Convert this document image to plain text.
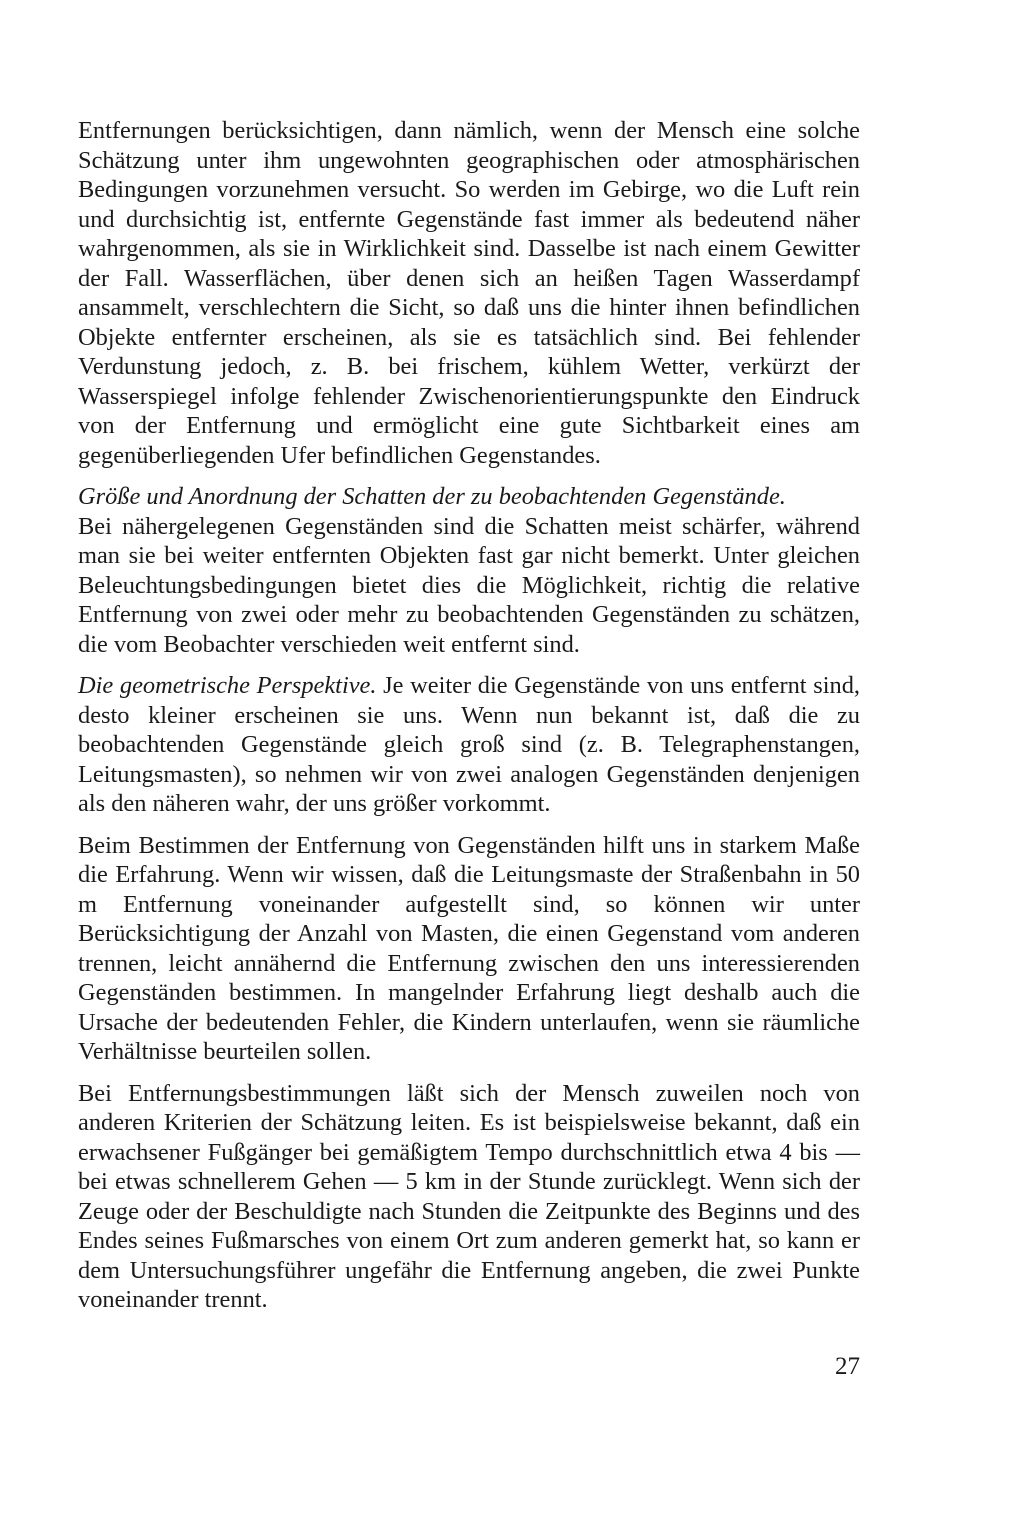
Entfernungen berücksichtigen, dann nämlich, wenn der Mensch eine solche Schätzung unter ihm ungewohnten geographischen oder atmosphärischen Bedingungen vorzunehmen versucht. So werden im Gebirge, wo die Luft rein und durchsichtig ist, entfernte Gegenstände fast immer als bedeutend näher wahrgenommen, als sie in Wirklichkeit sind. Dasselbe ist nach einem Gewitter der Fall. Wasserflächen, über denen sich an heißen Tagen Wasserdampf ansammelt, verschlechtern die Sicht, so daß uns die hinter ihnen befindlichen Objekte entfernter erscheinen, als sie es tatsächlich sind. Bei fehlender Verdunstung jedoch, z. B. bei frischem, kühlem Wetter, verkürzt der Wasserspiegel infolge fehlender Zwischenorientierungspunkte den Eindruck von der Entfernung und ermöglicht eine gute Sichtbarkeit eines am gegenüberliegenden Ufer befindlichen Gegenstandes.

Größe und Anordnung der Schatten der zu beobachtenden Gegenstände.
Bei nähergelegenen Gegenständen sind die Schatten meist schärfer, während man sie bei weiter entfernten Objekten fast gar nicht bemerkt. Unter gleichen Beleuchtungsbedingungen bietet dies die Möglichkeit, richtig die relative Entfernung von zwei oder mehr zu beobachtenden Gegenständen zu schätzen, die vom Beobachter verschieden weit entfernt sind.

Die geometrische Perspektive. Je weiter die Gegenstände von uns entfernt sind, desto kleiner erscheinen sie uns. Wenn nun bekannt ist, daß die zu beobachtenden Gegenstände gleich groß sind (z. B. Telegraphenstangen, Leitungsmasten), so nehmen wir von zwei analogen Gegenständen denjenigen als den näheren wahr, der uns größer vorkommt.

Beim Bestimmen der Entfernung von Gegenständen hilft uns in starkem Maße die Erfahrung. Wenn wir wissen, daß die Leitungsmaste der Straßenbahn in 50 m Entfernung voneinander aufgestellt sind, so können wir unter Berücksichtigung der Anzahl von Masten, die einen Gegenstand vom anderen trennen, leicht annähernd die Entfernung zwischen den uns interessierenden Gegenständen bestimmen. In mangelnder Erfahrung liegt deshalb auch die Ursache der bedeutenden Fehler, die Kindern unterlaufen, wenn sie räumliche Verhältnisse beurteilen sollen.

Bei Entfernungsbestimmungen läßt sich der Mensch zuweilen noch von anderen Kriterien der Schätzung leiten. Es ist beispielsweise bekannt, daß ein erwachsener Fußgänger bei gemäßigtem Tempo durchschnittlich etwa 4 bis — bei etwas schnellerem Gehen — 5 km in der Stunde zurücklegt. Wenn sich der Zeuge oder der Beschuldigte nach Stunden die Zeitpunkte des Beginns und des Endes seines Fußmarsches von einem Ort zum anderen gemerkt hat, so kann er dem Untersuchungsführer ungefähr die Entfernung angeben, die zwei Punkte voneinander trennt.

27
